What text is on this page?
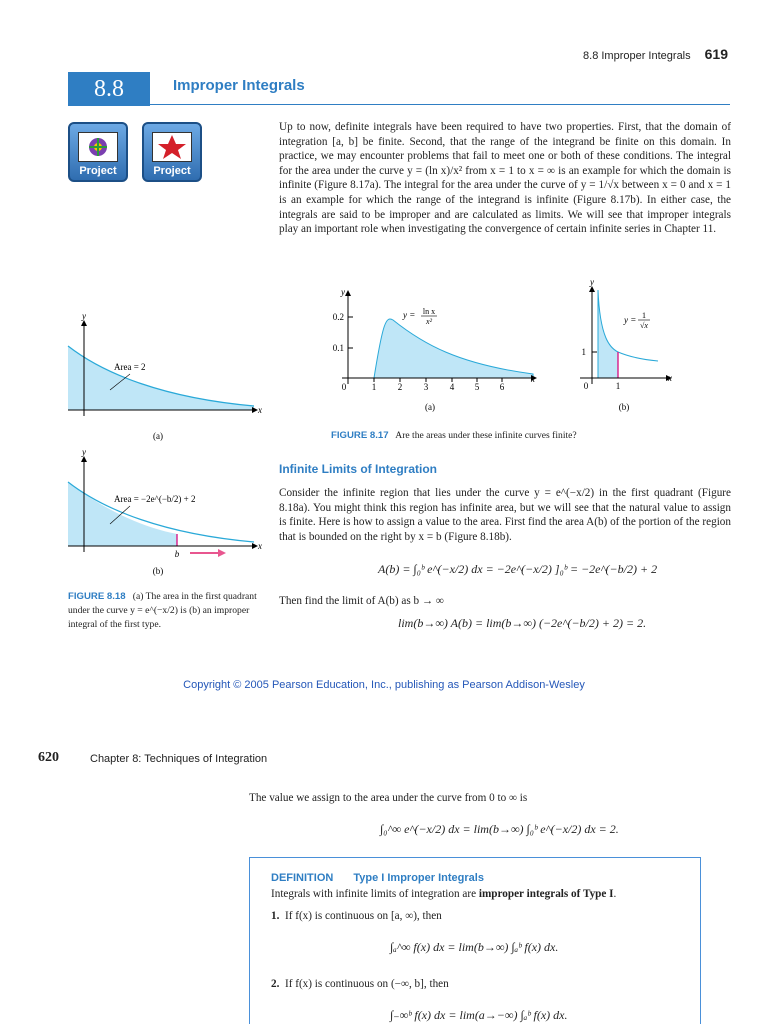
8.8 Improper Integrals 619
8.8	Improper Integrals
Project	Project
Up to now, definite integrals have been required to have two properties. First, that the domain of integration [a, b] be finite. Second, that the range of the integrand be finite on this domain. In practice, we may encounter problems that fail to meet one or both of these conditions. The integral for the area under the curve y = (ln x)/x² from x = 1 to x = ∞ is an example for which the domain is infinite (Figure 8.17a). The integral for the area under the curve of y = 1/√x between x = 0 and x = 1 is an example for which the range of the integrand is infinite (Figure 8.17b). In either case, the integrals are said to be improper and are calculated as limits. We will see that improper integrals play an important role when investigating the convergence of certain infinite series in Chapter 11.
y
x
0.2
0.1
0	1 2 3 4 5 6
y = ln x
x²
(a)
y
x
1
0	1
y = 1
√x
(b)
FIGURE 8.17 Are the areas under these infinite curves finite?
y
x
Area = 2
(a)
y
x
Area = −2e^(−b/2) + 2
b
(b)
FIGURE 8.18 (a) The area in the first quadrant under the curve y = e^(−x/2) is (b) an improper integral of the first type.
Infinite Limits of Integration
Consider the infinite region that lies under the curve y = e^(−x/2) in the first quadrant (Figure 8.18a). You might think this region has infinite area, but we will see that the natural value to assign is finite. Here is how to assign a value to the area. First find the area A(b) of the portion of the region that is bounded on the right by x = b (Figure 8.18b).
A(b) = ∫₀ᵇ e^(−x/2) dx = −2e^(−x/2) ]₀ᵇ = −2e^(−b/2) + 2
Then find the limit of A(b) as b → ∞
lim(b→∞) A(b) = lim(b→∞) (−2e^(−b/2) + 2) = 2.
Copyright © 2005 Pearson Education, Inc., publishing as Pearson Addison-Wesley
620	Chapter 8: Techniques of Integration
The value we assign to the area under the curve from 0 to ∞ is
∫₀^∞ e^(−x/2) dx = lim(b→∞) ∫₀ᵇ e^(−x/2) dx = 2.
DEFINITION Type I Improper Integrals
Integrals with infinite limits of integration are improper integrals of Type I.
1. If f(x) is continuous on [a, ∞), then
∫ₐ^∞ f(x) dx = lim(b→∞) ∫ₐᵇ f(x) dx.
2. If f(x) is continuous on (−∞, b], then
∫₋∞ᵇ f(x) dx = lim(a→−∞) ∫ₐᵇ f(x) dx.
